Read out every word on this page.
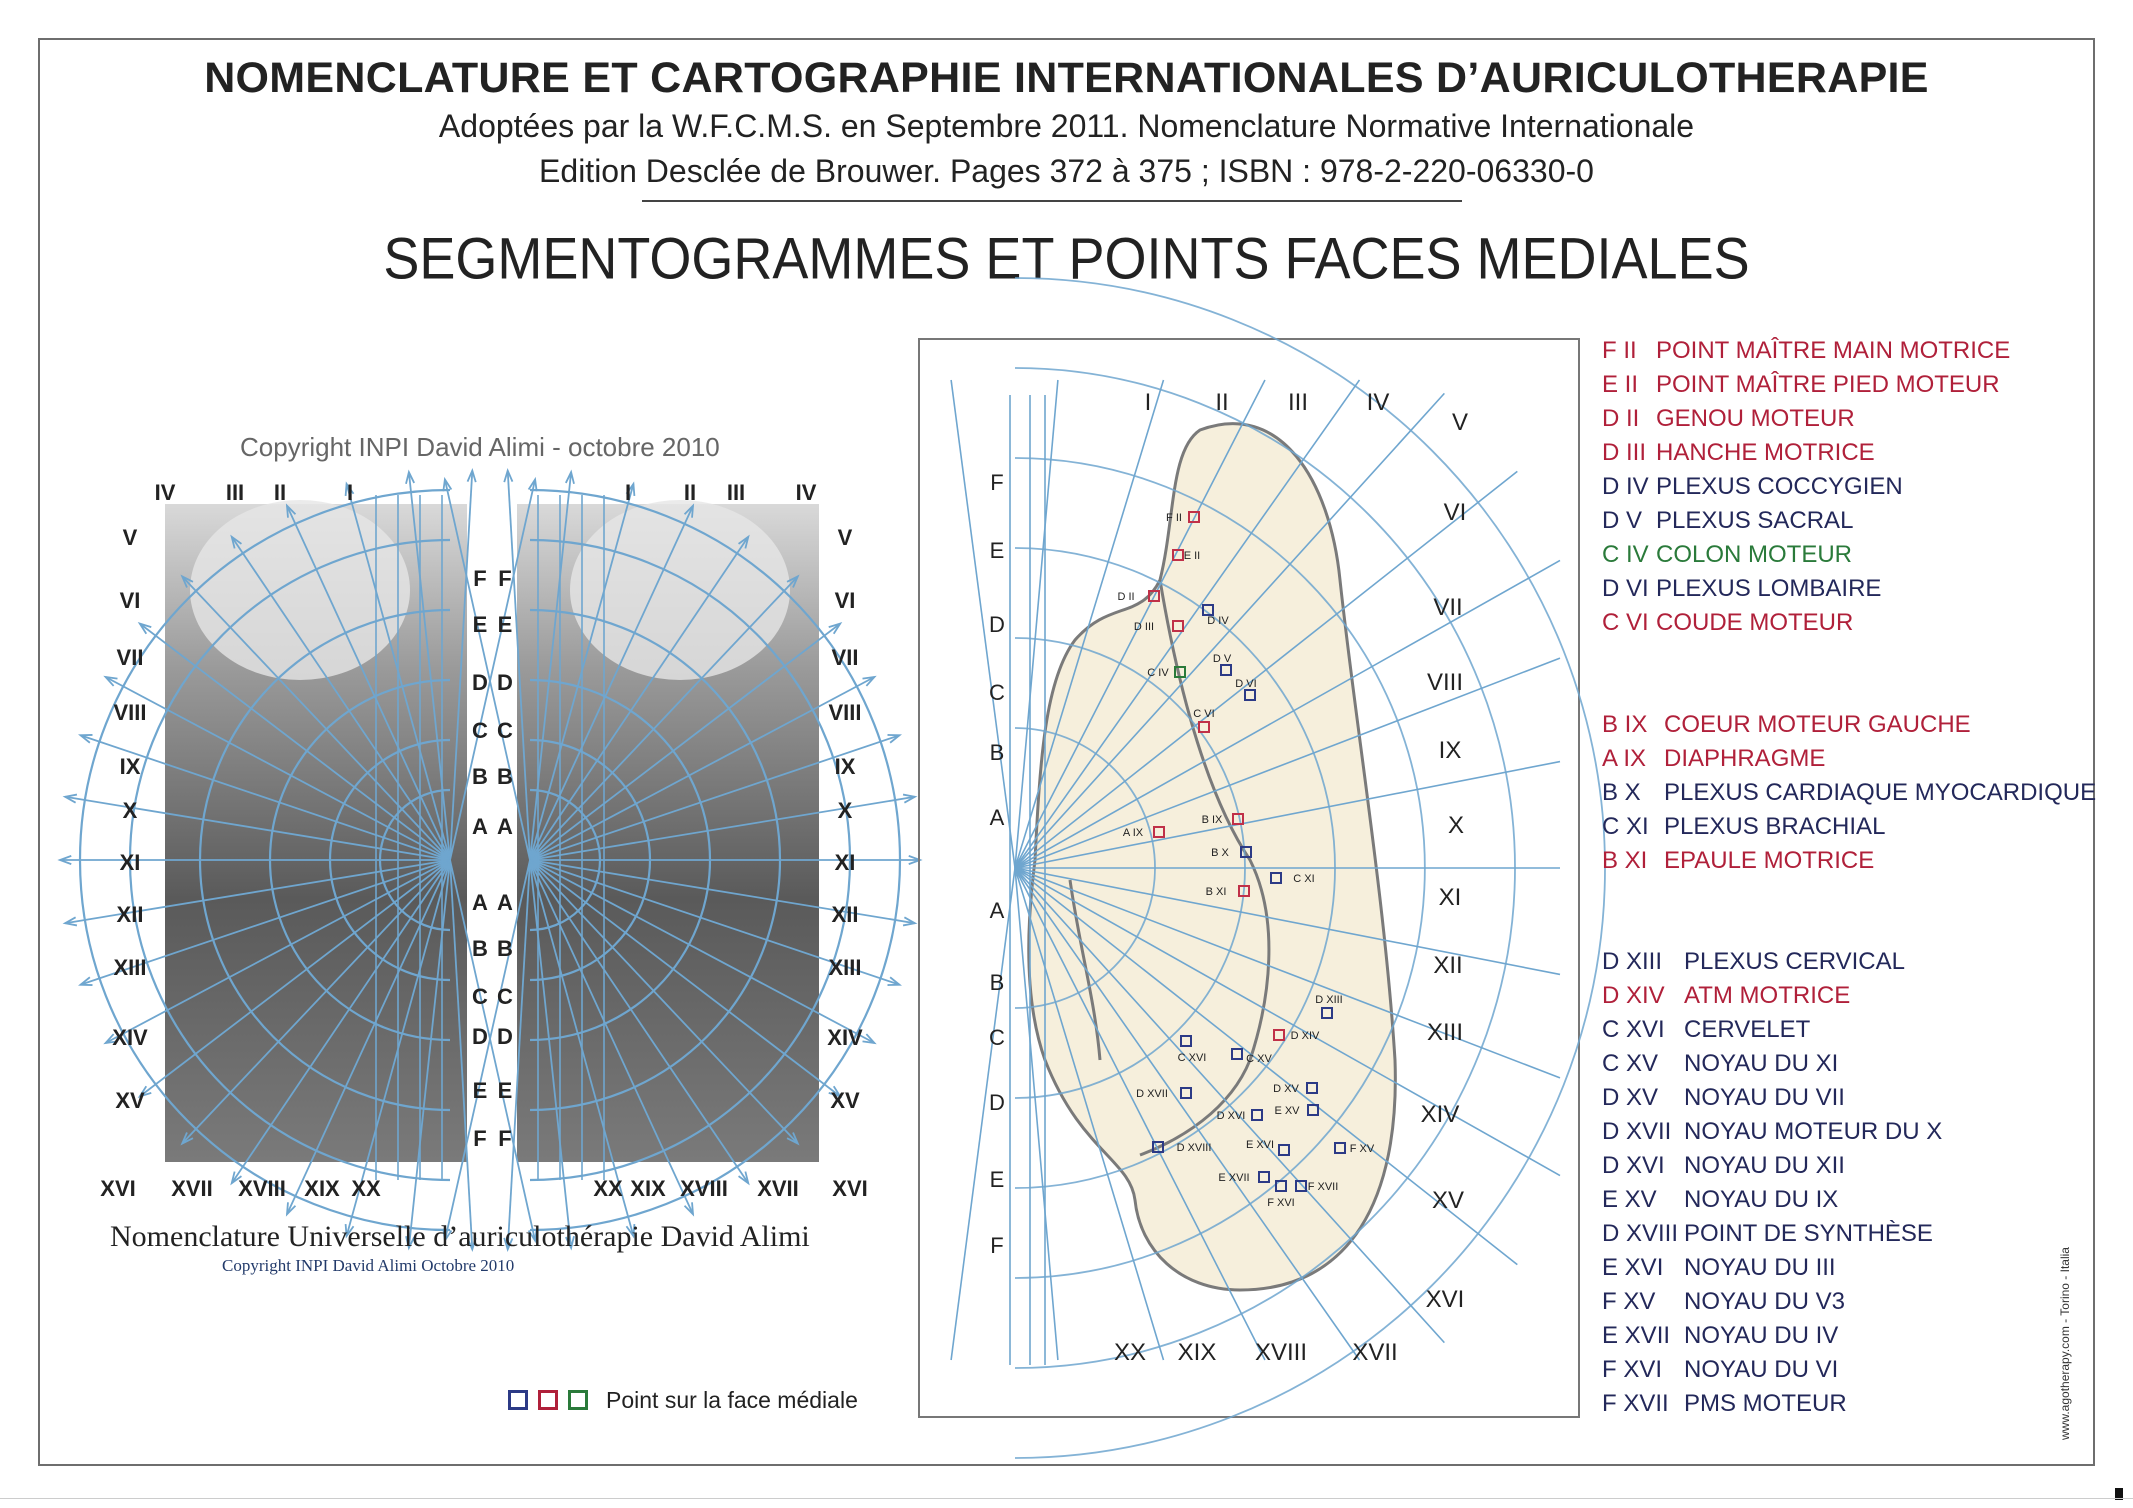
NOMENCLATURE ET CARTOGRAPHIE INTERNATIONALES D’AURICULOTHERAPIE
Adoptées par la W.F.C.M.S. en Septembre 2011. Nomenclature Normative Internationale
Edition Desclée de Brouwer. Pages 372 à 375 ; ISBN : 978-2-220-06330-0
SEGMENTOGRAMMES ET POINTS FACES MEDIALES
Copyright INPI David Alimi - octobre 2010
F F
E E
D D
C C
B B
A A
A A
B B
C C
D D
E E
F F
IV III II	I	I II III IV
V
VI
VII
VIII
IX
X
XI
XII
XIII
XIV
XV
V
VI
VII
VIII
IX
X
XI
XII
XIII
XIV
XV
XVI XVII XVIII XIX XX	XX XIX XVIII XVII XVI
Nomenclature Universelle d’auriculothérapie David Alimi
Copyright INPI David Alimi Octobre 2010
F
E
D
C
B
A
A
B
C
D
E
F
I	II III IV
V
VI
VII
VIII
IX
X
XI
XII
XIII
XIV
XV
XVI
XX XIX XVIII XVII
F II
E II
D II
D III	D IV
D V
C IV
D VI
C VI
A IX
B IX
B X
C XI
B XI
D XIII
D XIV
C XVI	C XV
D XV
D XVII
D XVI	E XV
F XV
D XVIII	E XVI
E XVII
F XVI
F XVII
F II POINT MAÎTRE MAIN MOTRICE
E II POINT MAÎTRE PIED MOTEUR
D II GENOU MOTEUR
D III HANCHE MOTRICE
D IV PLEXUS COCCYGIEN
D V PLEXUS SACRAL
C IV COLON MOTEUR
D VI PLEXUS LOMBAIRE
C VI COUDE MOTEUR
B IX COEUR MOTEUR GAUCHE
A IX DIAPHRAGME
B X PLEXUS CARDIAQUE MYOCARDIQUE
C XI PLEXUS BRACHIAL
B XI EPAULE MOTRICE
D XIII PLEXUS CERVICAL
D XIV ATM MOTRICE
C XVI CERVELET
C XV NOYAU DU XI
D XV NOYAU DU VII
D XVII NOYAU MOTEUR DU X
D XVI NOYAU DU XII
E XV NOYAU DU IX
D XVIII POINT DE SYNTHÈSE
E XVI NOYAU DU III
F XV NOYAU DU V3
E XVII NOYAU DU IV
F XVI NOYAU DU VI
F XVII PMS MOTEUR
Point sur la face médiale	www.agotherapy.com - Torino - Italia
